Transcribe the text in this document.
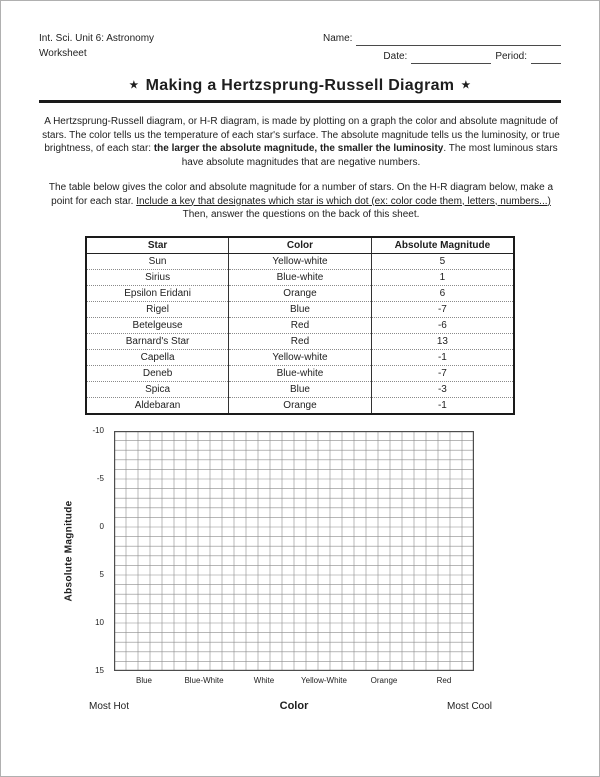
Int. Sci. Unit 6: Astronomy
Worksheet
Name:
Date:	Period:
★ Making a Hertzsprung-Russell Diagram ★

A Hertzsprung-Russell diagram, or H-R diagram, is made by plotting on a graph the color and absolute magnitude of stars. The color tells us the temperature of each star's surface. The absolute magnitude tells us the luminosity, or true brightness, of each star: the larger the absolute magnitude, the smaller the luminosity. The most luminous stars have absolute magnitudes that are negative numbers.

The table below gives the color and absolute magnitude for a number of stars. On the H-R diagram below, make a point for each star. Include a key that designates which star is which dot (ex: color code them, letters, numbers...) Then, answer the questions on the back of this sheet.

Star	Color	Absolute Magnitude
Sun	Yellow-white	5
Sirius	Blue-white	1
Epsilon Eridani	Orange	6
Rigel	Blue	-7
Betelgeuse	Red	-6
Barnard's Star	Red	13
Capella	Yellow-white	-1
Deneb	Blue-white	-7
Spica	Blue	-3
Aldebaran	Orange	-1
Absolute Magnitude
-10
-5
0
5
10
15
Blue	Blue-White	White	Yellow-White	Orange	Red
Most Hot	Color	Most Cool
